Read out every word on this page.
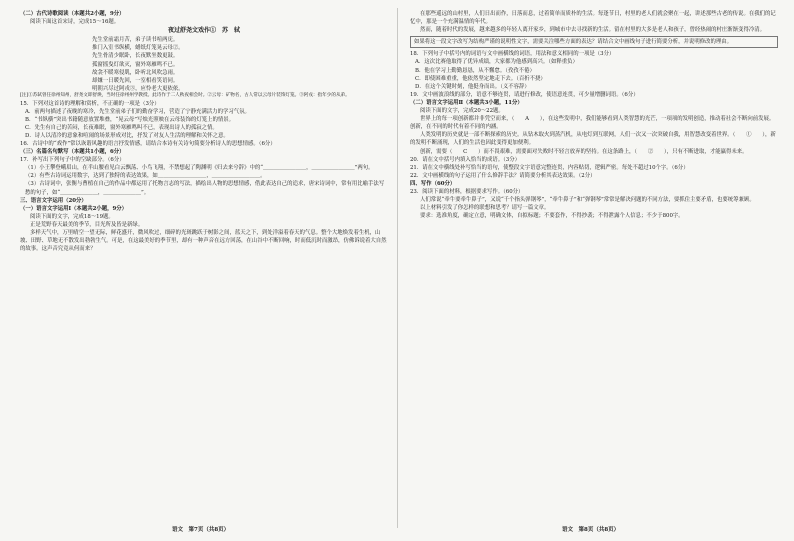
（二）古代诗歌阅读（本题共2小题，9分）

阅读下面这首宋诗，完成15～16题。

夜过舒尧文戏作①　苏　轼

先生堂前霜月苦，弟子读书喧两庑。

推门入室书纵横，蜡纸灯笼晃云母②。

先生骨清少眠卧，长夜默坐数更鼓。

孤窗摇曳灯欲灭，窗外寒雁鸣不已。

故衾不暖寒侵肌，卧听北风吹急雨。

却嫌一日暖先回，一室相看笑语同。

明朝兴尽过阿戎③，应怜老大更依依。

[注]①苏轼曾任徐州知州，舒尧文即舒焕，当时任徐州州学教授。此诗作于二人秋夜相会时。②云母：矿物名，古人常以云母片装饰灯笼。③阿戎：指年少的从弟。

15．下列对这首诗的理解和赏析，不正确的一项是（3分）

A．前两句描述了夜晚的寒冷，先生堂前弟子们的勤奋学习，营造了宁静充满活力的学习气氛。

B．“书纵横”突出书籍随意放置堆叠，“晃云母”写烛光照映在云母装饰的灯笼上的情景。

C．先生有自己的苦闷，长夜难眠，窗外寒雁鸣叫不已，表现出诗人的孤寂之情。

D．诗人以清冷的意象和喧闹的场景形成对比，抒发了对友人生活的理解和关怀之意。

16．古诗中的“戏作”常以诙谐风趣的语言抒发情感，请结合本诗有关诗句简要分析诗人的思想情感。（6分）

（三）名篇名句默写（本题共1小题，6分）

17．补写出下列句子中的空缺部分。（6分）

（1）小王攀登峨眉山，在半山腰看见白云飘荡、小鸟飞翔，不禁想起了陶渊明《归去来兮辞》中的“＿＿＿＿＿＿＿＿，＿＿＿＿＿＿＿＿”两句。

（2）有些古诗词运用数字，达到了独特的表达效果，如＿＿＿＿＿＿＿＿＿，＿＿＿＿＿＿＿＿＿。

（3）古诗词中，张衡与曹植在自己的作品中都运用了托物言志的写法，描绘出人物的思想情感，借此表达自己的追求，唐宋诗词中，常有用比喻手法写愁的句子，如“＿＿＿＿＿＿＿，＿＿＿＿＿＿＿”。

三、语言文字运用（20分）

（一）语言文字运用Ⅰ（本题共2小题，9分）

阅读下面的文字，完成18～19题。

正是荒野春天最美的季节，目光所及皆是新绿。

多样天气中，万里晴空一望无际，鲜花盛开，微风吹过，细碎的光斑跳跃于树影之间，蓝天之下，到处洋溢着春天的气息。整个大地焕发着生机，山坡、田野、草地无不散发出勃勃生气。可是，在这最美好的季节里，却有一种声音在远方回荡，在山谷中不断回响，时而低沉时而激昂，仿佛诉说着大自然的故事。这声音究竟从何而来？

在那些遥远的山村里，人们日出而作，日落而息，过着简单而质朴的生活。每逢节日，村里的老人们就会聚在一起，讲述那些古老的传说。在我们的记忆中，那是一个充满温情的年代。

然而，随着时代的发展，越来越多的年轻人离开家乡，到城市中去寻找新的生活。留在村里的大多是老人和孩子，曾经热闹的村庄渐渐变得冷清。

如果将这一段文字改写为结构严谨的说明性文字，需要关注哪些方面的表达？请结合文中画线句子进行简要分析，并说明修改的理由。

18．下列句子中括号内的词语与文中画横线的词语，用法和意义相同的一项是（3分）

A．这次比赛他取得了优异成绩，大家都为他感到高兴。（如释重负）

B．他在学习上勤勤恳恳，从不懈怠。（孜孜不倦）

C．即使困难重重，他依然坚定地走下去。（百折不挠）

D．在这个关键时刻，他挺身而出。（义不容辞）

19．文中画波浪线的部分，语意不够连贯，请进行修改，使语意连贯，可少量增删词语。（6分）

（二）语言文字运用Ⅱ（本题共3小题，11分）

阅读下面的文字，完成20～22题。

世界上的每一项创新都并非凭空而来，（　　A　　），在这些发明中，我们能够看到人类智慧的光芒，一项项的发明创造，推动着社会不断向前发展。创新，在不同的时代有着不同的内涵。

人类发明的历史就是一部不断探索的历史。从钻木取火到蒸汽机，从电灯到互联网，人们一次又一次突破自我，用智慧改变着世界。（　　①　　），新的发明不断涌现，人们的生活也因此变得更加便利。

创新，需要（　　C　　）而不畏艰难，需要面对失败时不轻言放弃的坚持。在这条路上，（　　②　　），只有不断进取，才能赢得未来。

20．请在文中括号内填入恰当的成语。（3分）

21．请在文中横线处补写恰当的语句，使整段文字语意完整连贯，内容贴切，逻辑严密。每处不超过10个字。（6分）

22．文中画横线的句子运用了什么修辞手法？请简要分析其表达效果。（2分）

四、写作（60分）

23．阅读下面的材料，根据要求写作。（60分）

人们常说“牵牛要牵牛鼻子”，又说“千个指头弹钢琴”，“牵牛鼻子”和“弹钢琴”常常是解决问题的不同方法，要抓住主要矛盾，也要统筹兼顾。

以上材料引发了你怎样的联想和思考？请写一篇文章。

要求：选准角度，确定立意，明确文体，自拟标题；不要套作，不得抄袭；不得泄露个人信息；不少于800字。

语文　第7页（共8页）	语文　第8页（共8页）
